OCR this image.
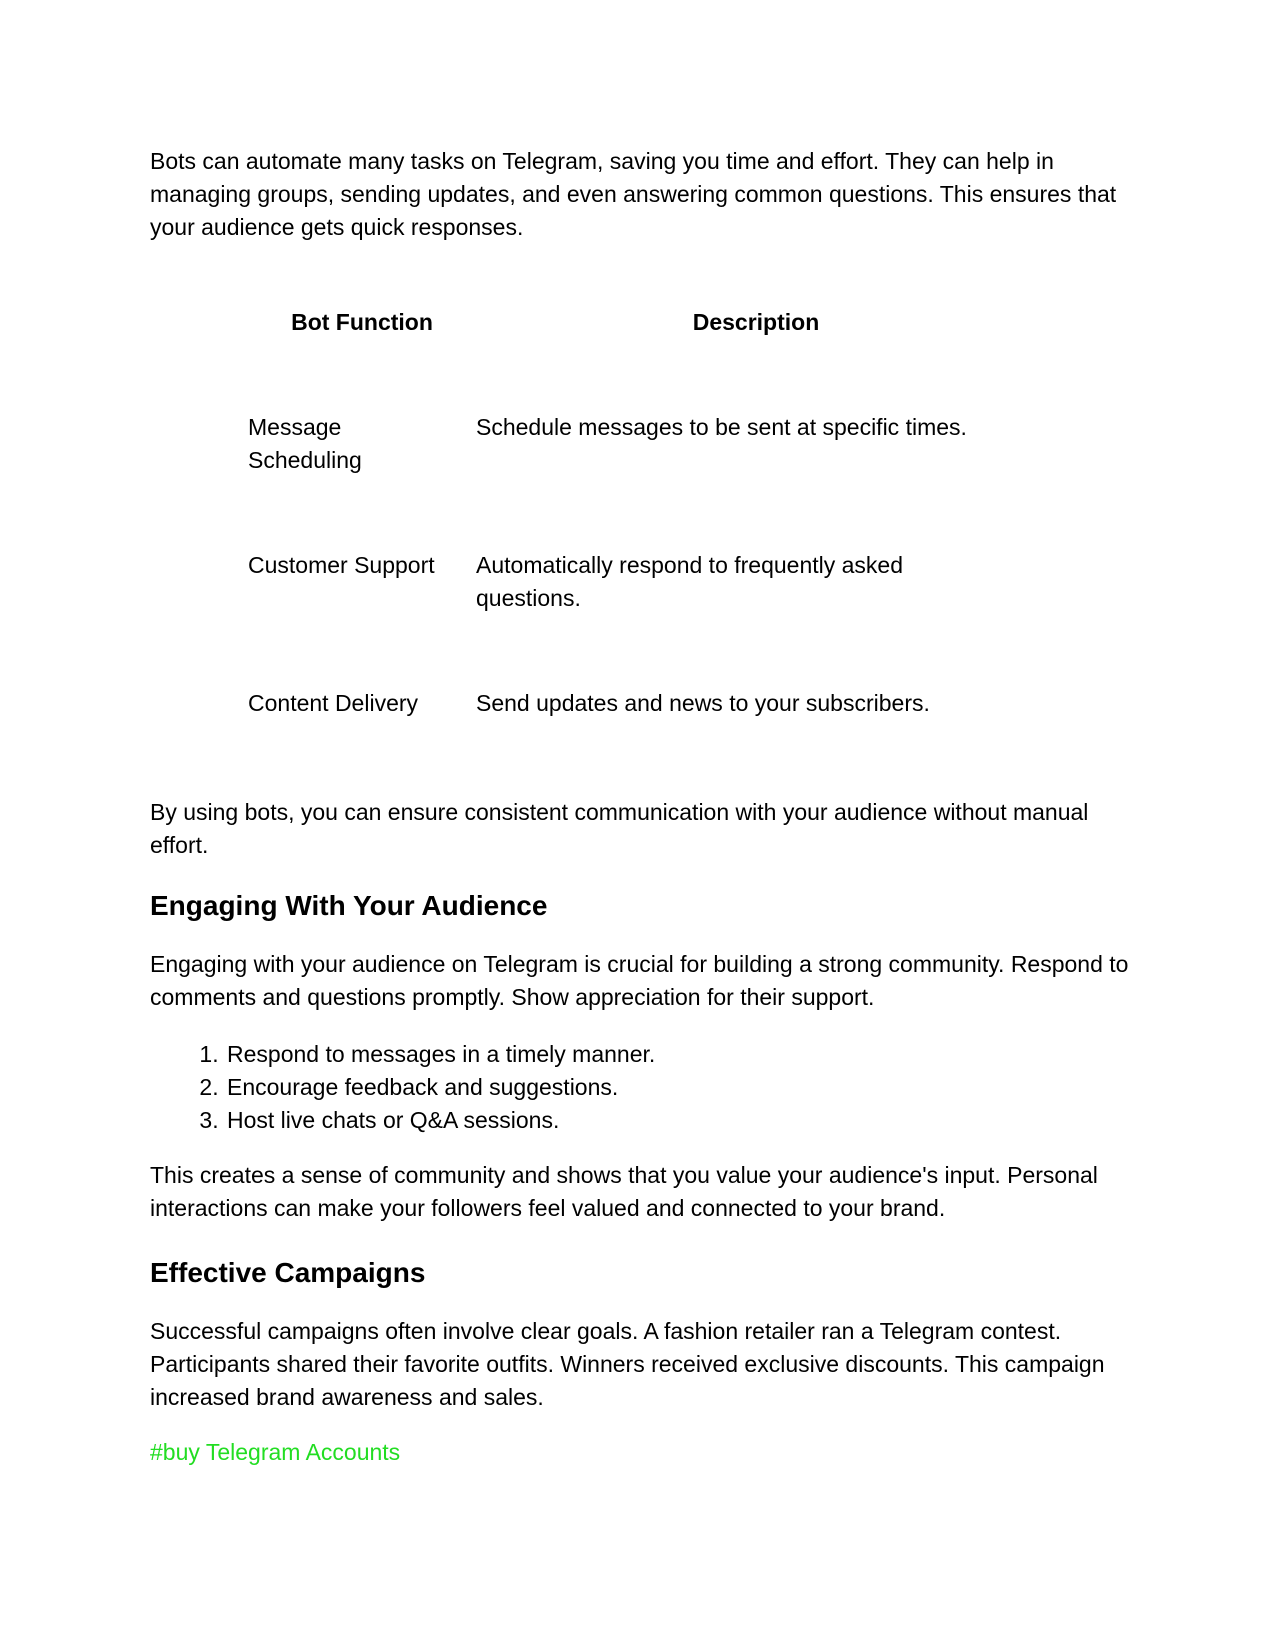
Bots can automate many tasks on Telegram, saving you time and effort. They can help in managing groups, sending updates, and even answering common questions. This ensures that your audience gets quick responses.

Bot Function	Description
Message Scheduling	Schedule messages to be sent at specific times.
Customer Support	Automatically respond to frequently asked questions.
Content Delivery	Send updates and news to your subscribers.

By using bots, you can ensure consistent communication with your audience without manual effort.

Engaging With Your Audience

Engaging with your audience on Telegram is crucial for building a strong community. Respond to comments and questions promptly. Show appreciation for their support.

1. Respond to messages in a timely manner.
2. Encourage feedback and suggestions.
3. Host live chats or Q&A sessions.

This creates a sense of community and shows that you value your audience's input. Personal interactions can make your followers feel valued and connected to your brand.

Effective Campaigns

Successful campaigns often involve clear goals. A fashion retailer ran a Telegram contest. Participants shared their favorite outfits. Winners received exclusive discounts. This campaign increased brand awareness and sales.

#buy Telegram Accounts
